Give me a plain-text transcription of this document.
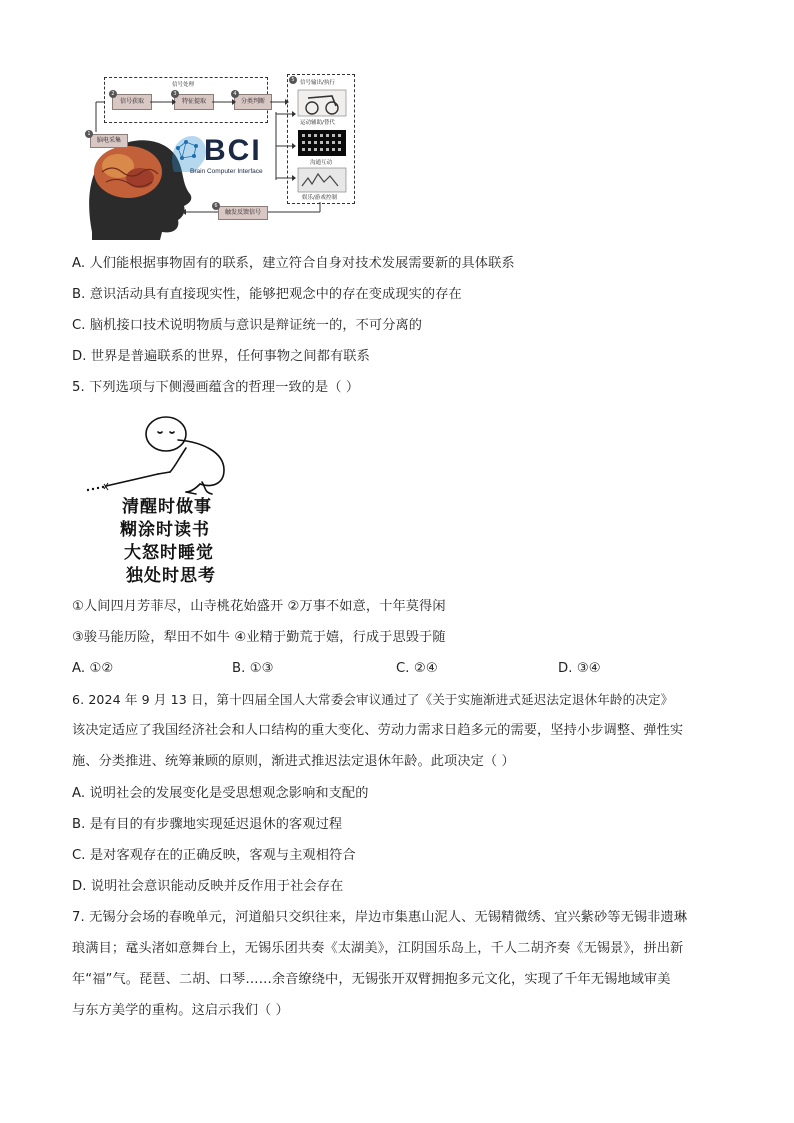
信号处理
信号获取	特征提取	分类判断
2	3	4
5 信号输出/执行
运动辅助/替代
沟通互动
娱乐/游戏控制
脑电采集
1
触发反馈信号
6
BCI
Brain Computer Interface
A. 人们能根据事物固有的联系，建立符合自身对技术发展需要新的具体联系
B. 意识活动具有直接现实性，能够把观念中的存在变成现实的存在
C. 脑机接口技术说明物质与意识是辩证统一的，不可分离的
D. 世界是普遍联系的世界，任何事物之间都有联系
5. 下列选项与下侧漫画蕴含的哲理一致的是（ ）
清醒时做事
糊涂时读书
大怒时睡觉
独处时思考
①人间四月芳菲尽，山寺桃花始盛开 ②万事不如意，十年莫得闲
③骏马能历险，犁田不如牛 ④业精于勤荒于嬉，行成于思毁于随
A. ①②	B. ①③	C. ②④	D. ③④
6. 2024 年 9 月 13 日，第十四届全国人大常委会审议通过了《关于实施渐进式延迟法定退休年龄的决定》
该决定适应了我国经济社会和人口结构的重大变化、劳动力需求日趋多元的需要，坚持小步调整、弹性实
施、分类推进、统筹兼顾的原则，渐进式推迟法定退休年龄。此项决定（ ）
A. 说明社会的发展变化是受思想观念影响和支配的
B. 是有目的有步骤地实现延迟退休的客观过程
C. 是对客观存在的正确反映，客观与主观相符合
D. 说明社会意识能动反映并反作用于社会存在
7. 无锡分会场的春晚单元，河道船只交织往来，岸边市集惠山泥人、无锡精微绣、宜兴紫砂等无锡非遗琳
琅满目；鼋头渚如意舞台上，无锡乐团共奏《太湖美》，江阴国乐岛上，千人二胡齐奏《无锡景》，拼出新
年“福”气。琵琶、二胡、口琴……余音缭绕中，无锡张开双臂拥抱多元文化，实现了千年无锡地域审美
与东方美学的重构。这启示我们（ ）
